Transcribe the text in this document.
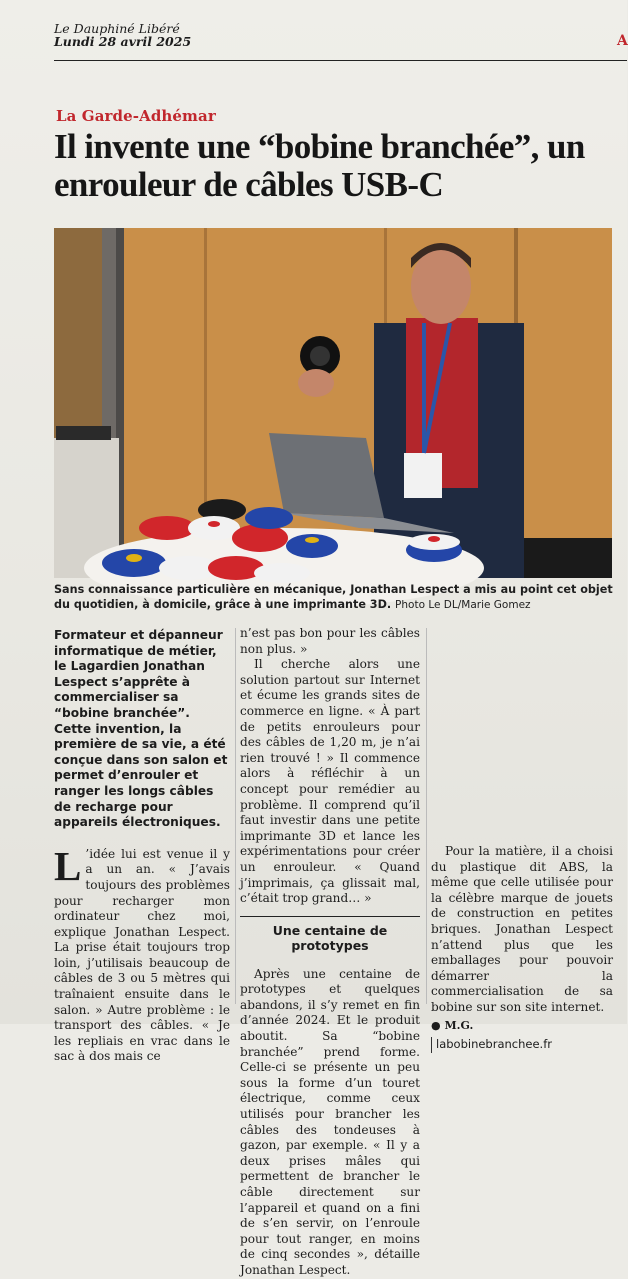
Le Dauphiné Libéré
Lundi 28 avril 2025	A
La Garde-Adhémar
Il invente une “bobine branchée”, un enrouleur de câbles USB-C
Sans connaissance particulière en mécanique, Jonathan Lespect a mis au point cet objet du quotidien, à domicile, grâce à une imprimante 3D. Photo Le DL/Marie Gomez

Formateur et dépanneur informatique de métier, le Lagardien Jonathan Lespect s’apprête à commercialiser sa “bobine branchée”. Cette invention, la première de sa vie, a été conçue dans son salon et permet d’enrouler et ranger les longs câbles de recharge pour appareils électroniques.

L ’idée lui est venue il y a un an. « J’avais toujours des problèmes pour recharger mon ordinateur chez moi, explique Jonathan Lespect. La prise était toujours trop loin, j’utilisais beaucoup de câbles de 3 ou 5 mètres qui traînaient ensuite dans le salon. » Autre problème : le transport des câbles. « Je les repliais en vrac dans le sac à dos mais ce

n’est pas bon pour les câbles non plus. »

Il cherche alors une solution partout sur Internet et écume les grands sites de commerce en ligne. « À part de petits enrouleurs pour des câbles de 1,20 m, je n’ai rien trouvé ! » Il commence alors à réfléchir à un concept pour remédier au problème. Il comprend qu’il faut investir dans une petite imprimante 3D et lance les expérimentations pour créer un enrouleur. « Quand j’imprimais, ça glissait mal, c’était trop grand… »

Une centaine de prototypes

Après une centaine de prototypes et quelques abandons, il s’y remet en fin d’année 2024. Et le produit aboutit. Sa “bobine branchée” prend forme. Celle-ci se présente un peu sous la forme d’un touret électrique, comme ceux utilisés pour brancher les câbles des tondeuses à gazon, par exemple. « Il y a deux prises mâles qui permettent de brancher le câble directement sur l’appareil et quand on a fini de s’en servir, on l’enroule pour tout ranger, en moins de cinq secondes », détaille Jonathan Lespect.

Pour la matière, il a choisi du plastique dit ABS, la même que celle utilisée pour la célèbre marque de jouets de construction en petites briques. Jonathan Lespect n’attend plus que les emballages pour pouvoir démarrer la commercialisation de sa bobine sur son site internet.

● M.G.
labobinebranchee.fr
